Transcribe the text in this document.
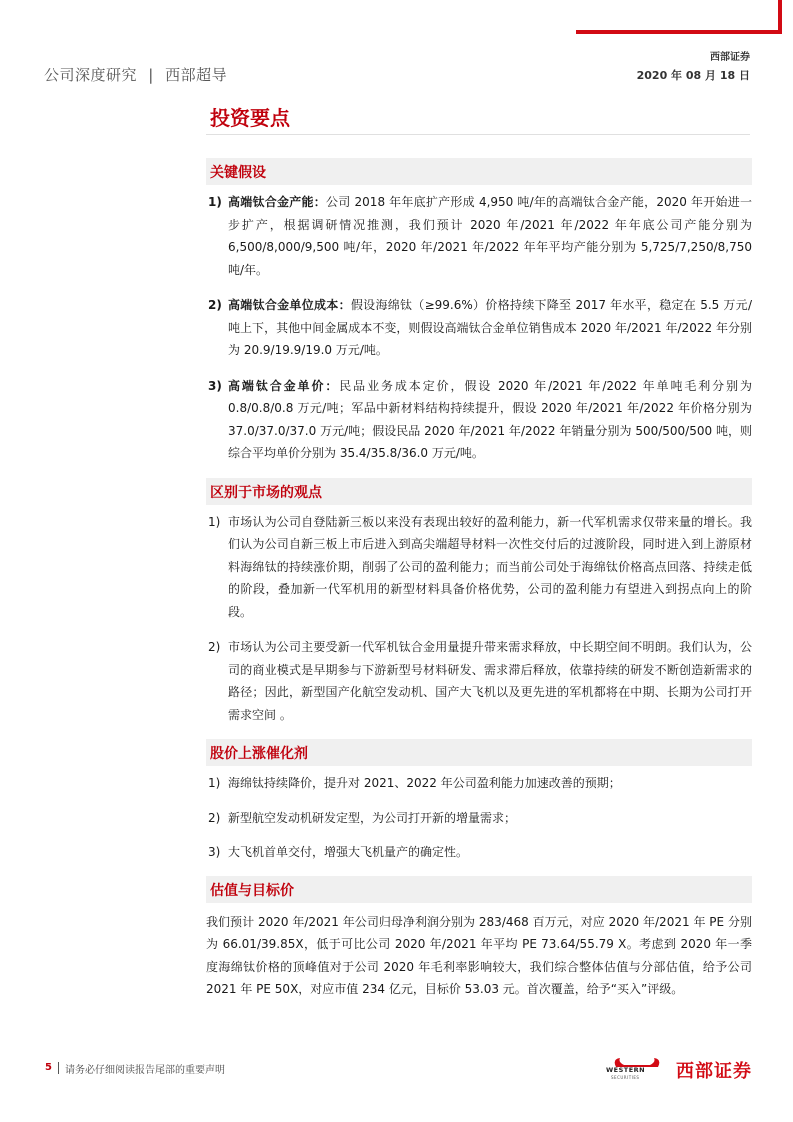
公司深度研究 | 西部超导
西部证券
2020 年 08 月 18 日
投资要点
关键假设
1) 高端钛合金产能：公司 2018 年年底扩产形成 4,950 吨/年的高端钛合金产能，2020 年开始进一步扩产，根据调研情况推测，我们预计 2020 年/2021 年/2022 年年底公司产能分别为6,500/8,000/9,500 吨/年，2020 年/2021 年/2022 年年平均产能分别为 5,725/7,250/8,750 吨/年。
2) 高端钛合金单位成本：假设海绵钛（≥99.6%）价格持续下降至 2017 年水平，稳定在 5.5 万元/吨上下，其他中间金属成本不变，则假设高端钛合金单位销售成本 2020 年/2021 年/2022 年分别为 20.9/19.9/19.0 万元/吨。
3) 高端钛合金单价：民品业务成本定价，假设 2020 年/2021 年/2022 年单吨毛利分别为 0.8/0.8/0.8 万元/吨；军品中新材料结构持续提升，假设 2020 年/2021 年/2022 年价格分别为 37.0/37.0/37.0 万元/吨；假设民品 2020 年/2021 年/2022 年销量分别为 500/500/500 吨，则综合平均单价分别为 35.4/35.8/36.0 万元/吨。
区别于市场的观点
1) 市场认为公司自登陆新三板以来没有表现出较好的盈利能力，新一代军机需求仅带来量的增长。我们认为公司自新三板上市后进入到高尖端超导材料一次性交付后的过渡阶段，同时进入到上游原材料海绵钛的持续涨价期，削弱了公司的盈利能力；而当前公司处于海绵钛价格高点回落、持续走低的阶段，叠加新一代军机用的新型材料具备价格优势，公司的盈利能力有望进入到拐点向上的阶段。
2) 市场认为公司主要受新一代军机钛合金用量提升带来需求释放，中长期空间不明朗。我们认为，公司的商业模式是早期参与下游新型号材料研发、需求滞后释放，依靠持续的研发不断创造新需求的路径；因此，新型国产化航空发动机、国产大飞机以及更先进的军机都将在中期、长期为公司打开需求空间 。
股价上涨催化剂
1) 海绵钛持续降价，提升对 2021、2022 年公司盈利能力加速改善的预期；
2) 新型航空发动机研发定型，为公司打开新的增量需求；
3) 大飞机首单交付，增强大飞机量产的确定性。
估值与目标价

我们预计 2020 年/2021 年公司归母净利润分别为 283/468 百万元，对应 2020 年/2021 年 PE 分别为 66.01/39.85X，低于可比公司 2020 年/2021 年平均 PE 73.64/55.79 X。考虑到 2020 年一季度海绵钛价格的顶峰值对于公司 2020 年毛利率影响较大，我们综合整体估值与分部估值，给予公司 2021 年 PE 50X，对应市值 234 亿元，目标价 53.03 元。首次覆盖，给予“买入”评级。

5 请务必仔细阅读报告尾部的重要声明	WESTERN
SECURITIES 西部证券
